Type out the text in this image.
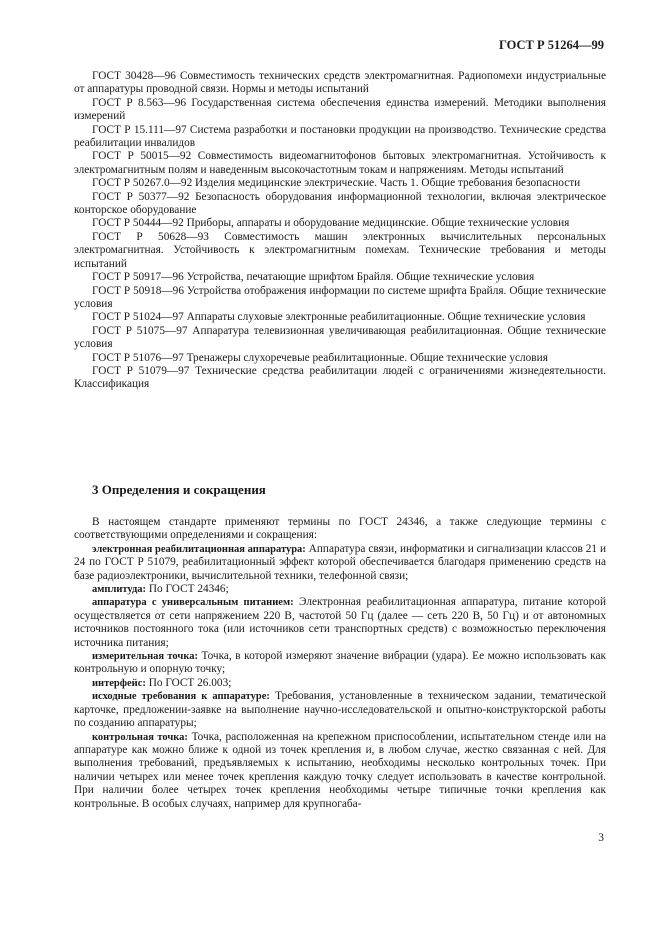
ГОСТ Р 51264—99

ГОСТ 30428—96 Совместимость технических средств электромагнитная. Радиопомехи индустриальные от аппаратуры проводной связи. Нормы и методы испытаний

ГОСТ Р 8.563—96 Государственная система обеспечения единства измерений. Методики выполнения измерений

ГОСТ Р 15.111—97 Система разработки и постановки продукции на производство. Технические средства реабилитации инвалидов

ГОСТ Р 50015—92 Совместимость видеомагнитофонов бытовых электромагнитная. Устойчивость к электромагнитным полям и наведенным высокочастотным токам и напряжениям. Методы испытаний

ГОСТ Р 50267.0—92 Изделия медицинские электрические. Часть 1. Общие требования безопасности

ГОСТ Р 50377—92 Безопасность оборудования информационной технологии, включая электрическое конторское оборудование

ГОСТ Р 50444—92 Приборы, аппараты и оборудование медицинские. Общие технические условия

ГОСТ Р 50628—93 Совместимость машин электронных вычислительных персональных электромагнитная. Устойчивость к электромагнитным помехам. Технические требования и методы испытаний

ГОСТ Р 50917—96 Устройства, печатающие шрифтом Брайля. Общие технические условия

ГОСТ Р 50918—96 Устройства отображения информации по системе шрифта Брайля. Общие технические условия

ГОСТ Р 51024—97 Аппараты слуховые электронные реабилитационные. Общие технические условия

ГОСТ Р 51075—97 Аппаратура телевизионная увеличивающая реабилитационная. Общие технические условия

ГОСТ Р 51076—97 Тренажеры слухоречевые реабилитационные. Общие технические условия

ГОСТ Р 51079—97 Технические средства реабилитации людей с ограничениями жизнедеятельности. Классификация

3 Определения и сокращения

В настоящем стандарте применяют термины по ГОСТ 24346, а также следующие термины с соответствующими определениями и сокращения:

электронная реабилитационная аппаратура: Аппаратура связи, информатики и сигнализации классов 21 и 24 по ГОСТ Р 51079, реабилитационный эффект которой обеспечивается благодаря применению средств на базе радиоэлектроники, вычислительной техники, телефонной связи;

амплитуда: По ГОСТ 24346;

аппаратура с универсальным питанием: Электронная реабилитационная аппаратура, питание которой осуществляется от сети напряжением 220 В, частотой 50 Гц (далее — сеть 220 В, 50 Гц) и от автономных источников постоянного тока (или источников сети транспортных средств) с возможностью переключения источника питания;

измерительная точка: Точка, в которой измеряют значение вибрации (удара). Ее можно использовать как контрольную и опорную точку;

интерфейс: По ГОСТ 26.003;

исходные требования к аппаратуре: Требования, установленные в техническом задании, тематической карточке, предложении-заявке на выполнение научно-исследовательской и опытно-конструкторской работы по созданию аппаратуры;

контрольная точка: Точка, расположенная на крепежном приспособлении, испытательном стенде или на аппаратуре как можно ближе к одной из точек крепления и, в любом случае, жестко связанная с ней. Для выполнения требований, предъявляемых к испытанию, необходимы несколько контрольных точек. При наличии четырех или менее точек крепления каждую точку следует использовать в качестве контрольной. При наличии более четырех точек крепления необходимы четыре типичные точки крепления как контрольные. В особых случаях, например для крупногаба-

3
